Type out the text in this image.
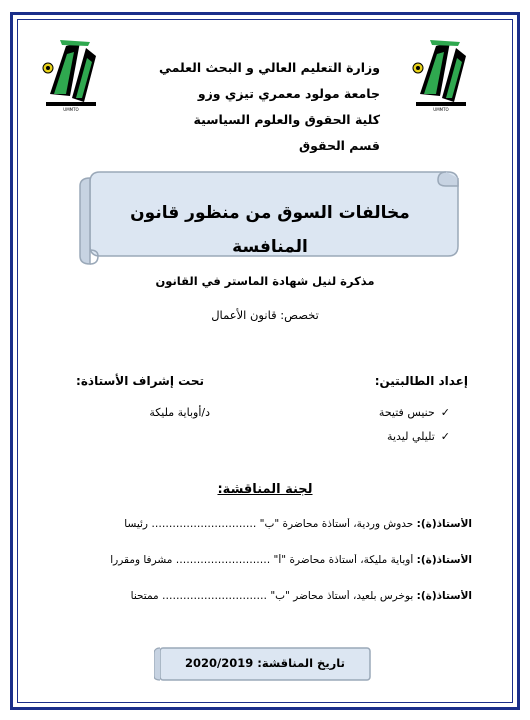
UMMTO	UMMTO
وزارة التعليم العالي و البحث العلمي
جامعة مولود معمري تيزي وزو
كلية الحقوق والعلوم السياسية
قسم الحقوق
مخالفات السوق من منظور قانون المنافسة
مذكرة لنيل شهادة الماستر في القانون
تخصص: قانون الأعمال
إعداد الطالبتين:
تحت إشراف الأستاذة:
✓حنيس فتيحة
✓تليلي ليدية
د/أوباية مليكة
لجنة المناقشة:
الأستاذ(ة): حدوش وردية، أستاذة محاضرة "ب" ………………………… رئيسا
الأستاذ(ة): أوباية مليكة، أستاذة محاضرة "أ" ……………………… مشرفا ومقررا
الأستاذ(ة): بوخرس بلعيد، أستاذ محاضر "ب" ………………………… ممتحنا
تاريخ المناقشة: 2020/2019
